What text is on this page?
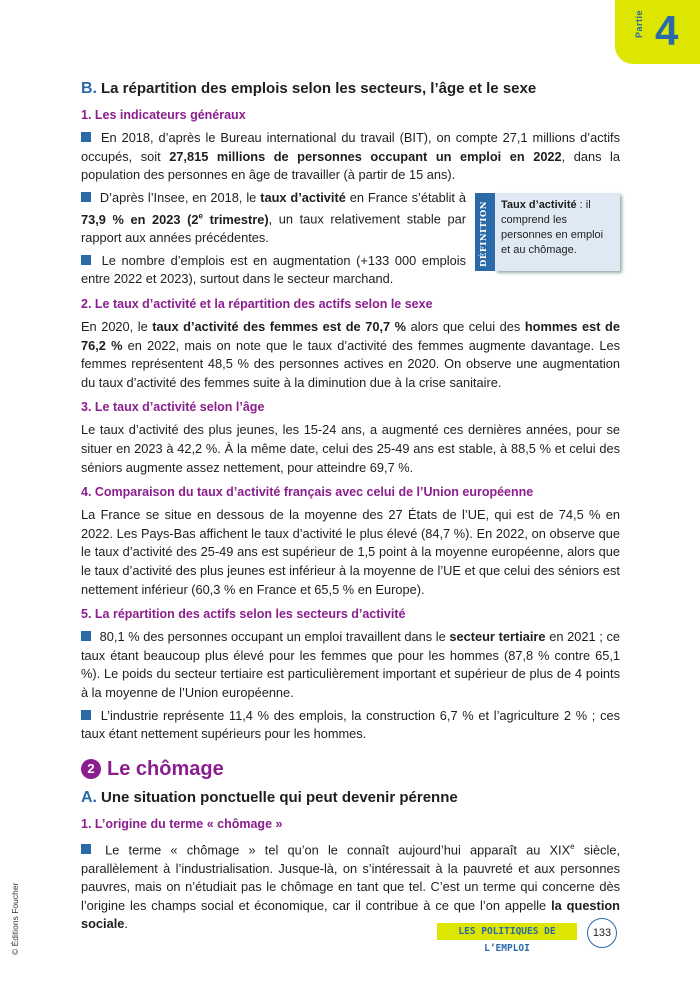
Partie 4
B. La répartition des emplois selon les secteurs, l’âge et le sexe
1. Les indicateurs généraux

En 2018, d’après le Bureau international du travail (BIT), on compte 27,1 millions d’actifs occupés, soit 27,815 millions de personnes occupant un emploi en 2022, dans la population des personnes en âge de travailler (à partir de 15 ans).

D’après l’Insee, en 2018, le taux d’activité en France s’établit à 73,9 % en 2023 (2e trimestre), un taux relativement stable par rapport aux années précédentes.

Le nombre d’emplois est en augmentation (+133 000 emplois entre 2022 et 2023), surtout dans le secteur marchand.

DÉFINITION	Taux d’activité : il comprend les personnes en emploi et au chômage.

2. Le taux d’activité et la répartition des actifs selon le sexe

En 2020, le taux d’activité des femmes est de 70,7 % alors que celui des hommes est de 76,2 % en 2022, mais on note que le taux d’activité des femmes augmente davantage. Les femmes représentent 48,5 % des personnes actives en 2020. On observe une augmentation du taux d’activité des femmes suite à la diminution due à la crise sanitaire.

3. Le taux d’activité selon l’âge

Le taux d’activité des plus jeunes, les 15-24 ans, a augmenté ces dernières années, pour se situer en 2023 à 42,2 %. À la même date, celui des 25-49 ans est stable, à 88,5 % et celui des séniors augmente assez nettement, pour atteindre 69,7 %.

4. Comparaison du taux d’activité français avec celui de l’Union européenne

La France se situe en dessous de la moyenne des 27 États de l’UE, qui est de 74,5 % en 2022. Les Pays-Bas affichent le taux d’activité le plus élevé (84,7 %). En 2022, on observe que le taux d’activité des 25-49 ans est supérieur de 1,5 point à la moyenne européenne, alors que le taux d’activité des plus jeunes est inférieur à la moyenne de l’UE et que celui des séniors est nettement inférieur (60,3 % en France et 65,5 % en Europe).

5. La répartition des actifs selon les secteurs d’activité

80,1 % des personnes occupant un emploi travaillent dans le secteur tertiaire en 2021 ; ce taux étant beaucoup plus élevé pour les femmes que pour les hommes (87,8 % contre 65,1 %). Le poids du secteur tertiaire est particulièrement important et supérieur de plus de 4 points à la moyenne de l’Union européenne.

L’industrie représente 11,4 % des emplois, la construction 6,7 % et l’agriculture 2 % ; ces taux étant nettement supérieurs pour les hommes.

2 Le chômage
A. Une situation ponctuelle qui peut devenir pérenne
1. L’origine du terme « chômage »

Le terme « chômage » tel qu’on le connaît aujourd’hui apparaît au XIXe siècle, parallèlement à l’industrialisation. Jusque-là, on s’intéressait à la pauvreté et aux personnes pauvres, mais on n’étudiait pas le chômage en tant que tel. C’est un terme qui concerne dès l’origine les champs social et économique, car il contribue à ce que l’on appelle la question sociale.

LES POLITIQUES DE L’EMPLOI
133
© Éditions Foucher
